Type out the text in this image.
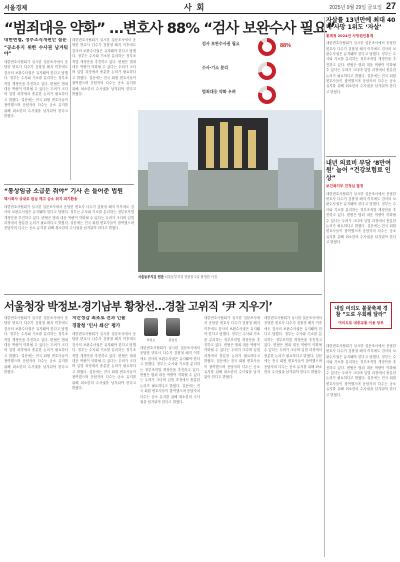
서울경제	사 회	2025년 9월 29일 금요일 27
“범죄대응 약화” …변호사 88% “검사 보완수사 필요”
대한변협, 정부조직개편안 설문
“공소유지 위한 수사권 남겨둬야”
대한변호사협회가 실시한 설문조사에서 응답한 변호사 다수가 검찰청 폐지 이후에도 검사의 보완수사권은 유지돼야 한다고 답했다. 정부는 수사와 기소를 분리하는 정부조직법 개정안을 추진하고 있다. 변협은 범죄 대응 역량이 약화될 수 있다는 우려가 크다며 입법 과정에서 충분한 논의가 필요하다고 밝혔다. 설문에는 전국 회원 변호사들이 참여했으며 응답자의 다수는 공소 유지를 위해 최소한의 수사권을 남겨둬야 한다고 밝혔다.
대한변호사협회가 실시한 설문조사에서 응답한 변호사 다수가 검찰청 폐지 이후에도 검사의 보완수사권은 유지돼야 한다고 답했다. 정부는 수사와 기소를 분리하는 정부조직법 개정안을 추진하고 있다. 변협은 범죄 대응 역량이 약화될 수 있다는 우려가 크다며 입법 과정에서 충분한 논의가 필요하다고 밝혔다. 설문에는 전국 회원 변호사들이 참여했으며 응답자의 다수는 공소 유지를 위해 최소한의 수사권을 남겨둬야 한다고 밝혔다.
검사 보완수사권 필요	88%
수사·기소 분리
범죄대응 약화 우려
서울동부지검 현판 서울동부지검 현판을 2일 촬영한 사진.
“통상임금 소급분 줘야” 기사 손 들어준 법원
택시회사 상대로 원심 깨고 승소 취지 파기환송
대한변호사협회가 실시한 설문조사에서 응답한 변호사 다수가 검찰청 폐지 이후에도 검사의 보완수사권은 유지돼야 한다고 답했다. 정부는 수사와 기소를 분리하는 정부조직법 개정안을 추진하고 있다. 변협은 범죄 대응 역량이 약화될 수 있다는 우려가 크다며 입법 과정에서 충분한 논의가 필요하다고 밝혔다. 설문에는 전국 회원 변호사들이 참여했으며 응답자의 다수는 공소 유지를 위해 최소한의 수사권을 남겨둬야 한다고 밝혔다.
자살률 13년만에 최대 40대 사망 1위도 ‘자살’
통계청 2024년 사망원인통계
대한변호사협회가 실시한 설문조사에서 응답한 변호사 다수가 검찰청 폐지 이후에도 검사의 보완수사권은 유지돼야 한다고 답했다. 정부는 수사와 기소를 분리하는 정부조직법 개정안을 추진하고 있다. 변협은 범죄 대응 역량이 약화될 수 있다는 우려가 크다며 입법 과정에서 충분한 논의가 필요하다고 밝혔다. 설문에는 전국 회원 변호사들이 참여했으며 응답자의 다수는 공소 유지를 위해 최소한의 수사권을 남겨둬야 한다고 밝혔다.
내년 의료비 부담 ‘8만여원’ 늘어 “건강보험료 인상”
보건복지부 건정심 결정
대한변호사협회가 실시한 설문조사에서 응답한 변호사 다수가 검찰청 폐지 이후에도 검사의 보완수사권은 유지돼야 한다고 답했다. 정부는 수사와 기소를 분리하는 정부조직법 개정안을 추진하고 있다. 변협은 범죄 대응 역량이 약화될 수 있다는 우려가 크다며 입법 과정에서 충분한 논의가 필요하다고 밝혔다. 설문에는 전국 회원 변호사들이 참여했으며 응답자의 다수는 공소 유지를 위해 최소한의 수사권을 남겨둬야 한다고 밝혔다.
내일 여의도 불꽃축제 경찰 “도로 우회해 달라”
여의도로 대중교통 이용 당부
대한변호사협회가 실시한 설문조사에서 응답한 변호사 다수가 검찰청 폐지 이후에도 검사의 보완수사권은 유지돼야 한다고 답했다. 정부는 수사와 기소를 분리하는 정부조직법 개정안을 추진하고 있다. 변협은 범죄 대응 역량이 약화될 수 있다는 우려가 크다며 입법 과정에서 충분한 논의가 필요하다고 밝혔다. 설문에는 전국 회원 변호사들이 참여했으며 응답자의 다수는 공소 유지를 위해 최소한의 수사권을 남겨둬야 한다고 밝혔다.
서울청장 박정보·경기남부 황창선…경찰 고위직 ‘尹 지우기’
대한변호사협회가 실시한 설문조사에서 응답한 변호사 다수가 검찰청 폐지 이후에도 검사의 보완수사권은 유지돼야 한다고 답했다. 정부는 수사와 기소를 분리하는 정부조직법 개정안을 추진하고 있다. 변협은 범죄 대응 역량이 약화될 수 있다는 우려가 크다며 입법 과정에서 충분한 논의가 필요하다고 밝혔다. 설문에는 전국 회원 변호사들이 참여했으며 응답자의 다수는 공소 유지를 위해 최소한의 수사권을 남겨둬야 한다고 밝혔다.
치안정감 최초로 전과 인물
경찰청 ‘인사 쇄신’ 평가
대한변호사협회가 실시한 설문조사에서 응답한 변호사 다수가 검찰청 폐지 이후에도 검사의 보완수사권은 유지돼야 한다고 답했다. 정부는 수사와 기소를 분리하는 정부조직법 개정안을 추진하고 있다. 변협은 범죄 대응 역량이 약화될 수 있다는 우려가 크다며 입법 과정에서 충분한 논의가 필요하다고 밝혔다. 설문에는 전국 회원 변호사들이 참여했으며 응답자의 다수는 공소 유지를 위해 최소한의 수사권을 남겨둬야 한다고 밝혔다.
박정보	황창선
대한변호사협회가 실시한 설문조사에서 응답한 변호사 다수가 검찰청 폐지 이후에도 검사의 보완수사권은 유지돼야 한다고 답했다. 정부는 수사와 기소를 분리하는 정부조직법 개정안을 추진하고 있다. 변협은 범죄 대응 역량이 약화될 수 있다는 우려가 크다며 입법 과정에서 충분한 논의가 필요하다고 밝혔다. 설문에는 전국 회원 변호사들이 참여했으며 응답자의 다수는 공소 유지를 위해 최소한의 수사권을 남겨둬야 한다고 밝혔다.
대한변호사협회가 실시한 설문조사에서 응답한 변호사 다수가 검찰청 폐지 이후에도 검사의 보완수사권은 유지돼야 한다고 답했다. 정부는 수사와 기소를 분리하는 정부조직법 개정안을 추진하고 있다. 변협은 범죄 대응 역량이 약화될 수 있다는 우려가 크다며 입법 과정에서 충분한 논의가 필요하다고 밝혔다. 설문에는 전국 회원 변호사들이 참여했으며 응답자의 다수는 공소 유지를 위해 최소한의 수사권을 남겨둬야 한다고 밝혔다.
대한변호사협회가 실시한 설문조사에서 응답한 변호사 다수가 검찰청 폐지 이후에도 검사의 보완수사권은 유지돼야 한다고 답했다. 정부는 수사와 기소를 분리하는 정부조직법 개정안을 추진하고 있다. 변협은 범죄 대응 역량이 약화될 수 있다는 우려가 크다며 입법 과정에서 충분한 논의가 필요하다고 밝혔다. 설문에는 전국 회원 변호사들이 참여했으며 응답자의 다수는 공소 유지를 위해 최소한의 수사권을 남겨둬야 한다고 밝혔다.
